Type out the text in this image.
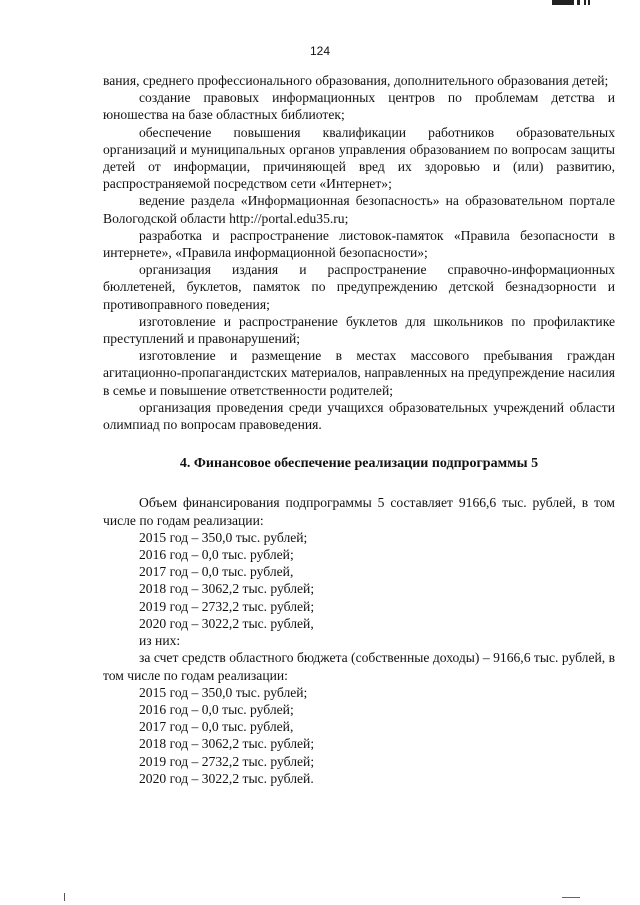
124

вания, среднего профессионального образования, дополнительного образования детей;

создание правовых информационных центров по проблемам детства и юношества на базе областных библиотек;

обеспечение повышения квалификации работников образовательных организаций и муниципальных органов управления образованием по вопросам защиты детей от информации, причиняющей вред их здоровью и (или) развитию, распространяемой посредством сети «Интернет»;

ведение раздела «Информационная безопасность» на образовательном портале Вологодской области http://portal.edu35.ru;

разработка и распространение листовок-памяток «Правила безопасности в интернете», «Правила информационной безопасности»;

организация издания и распространение справочно-информационных бюллетеней, буклетов, памяток по предупреждению детской безнадзорности и противоправного поведения;

изготовление и распространение буклетов для школьников по профилактике преступлений и правонарушений;

изготовление и размещение в местах массового пребывания граждан агитационно-пропагандистских материалов, направленных на предупреждение насилия в семье и повышение ответственности родителей;

организация проведения среди учащихся образовательных учреждений области олимпиад по вопросам правоведения.

4. Финансовое обеспечение реализации подпрограммы 5

Объем финансирования подпрограммы 5 составляет 9166,6 тыс. рублей, в том числе по годам реализации:

2015 год – 350,0 тыс. рублей;

2016 год – 0,0 тыс. рублей;

2017 год – 0,0 тыс. рублей,

2018 год – 3062,2 тыс. рублей;

2019 год – 2732,2 тыс. рублей;

2020 год – 3022,2 тыс. рублей,

из них:

за счет средств областного бюджета (собственные доходы) – 9166,6 тыс. рублей, в том числе по годам реализации:

2015 год – 350,0 тыс. рублей;

2016 год – 0,0 тыс. рублей;

2017 год – 0,0 тыс. рублей,

2018 год – 3062,2 тыс. рублей;

2019 год – 2732,2 тыс. рублей;

2020 год – 3022,2 тыс. рублей.
